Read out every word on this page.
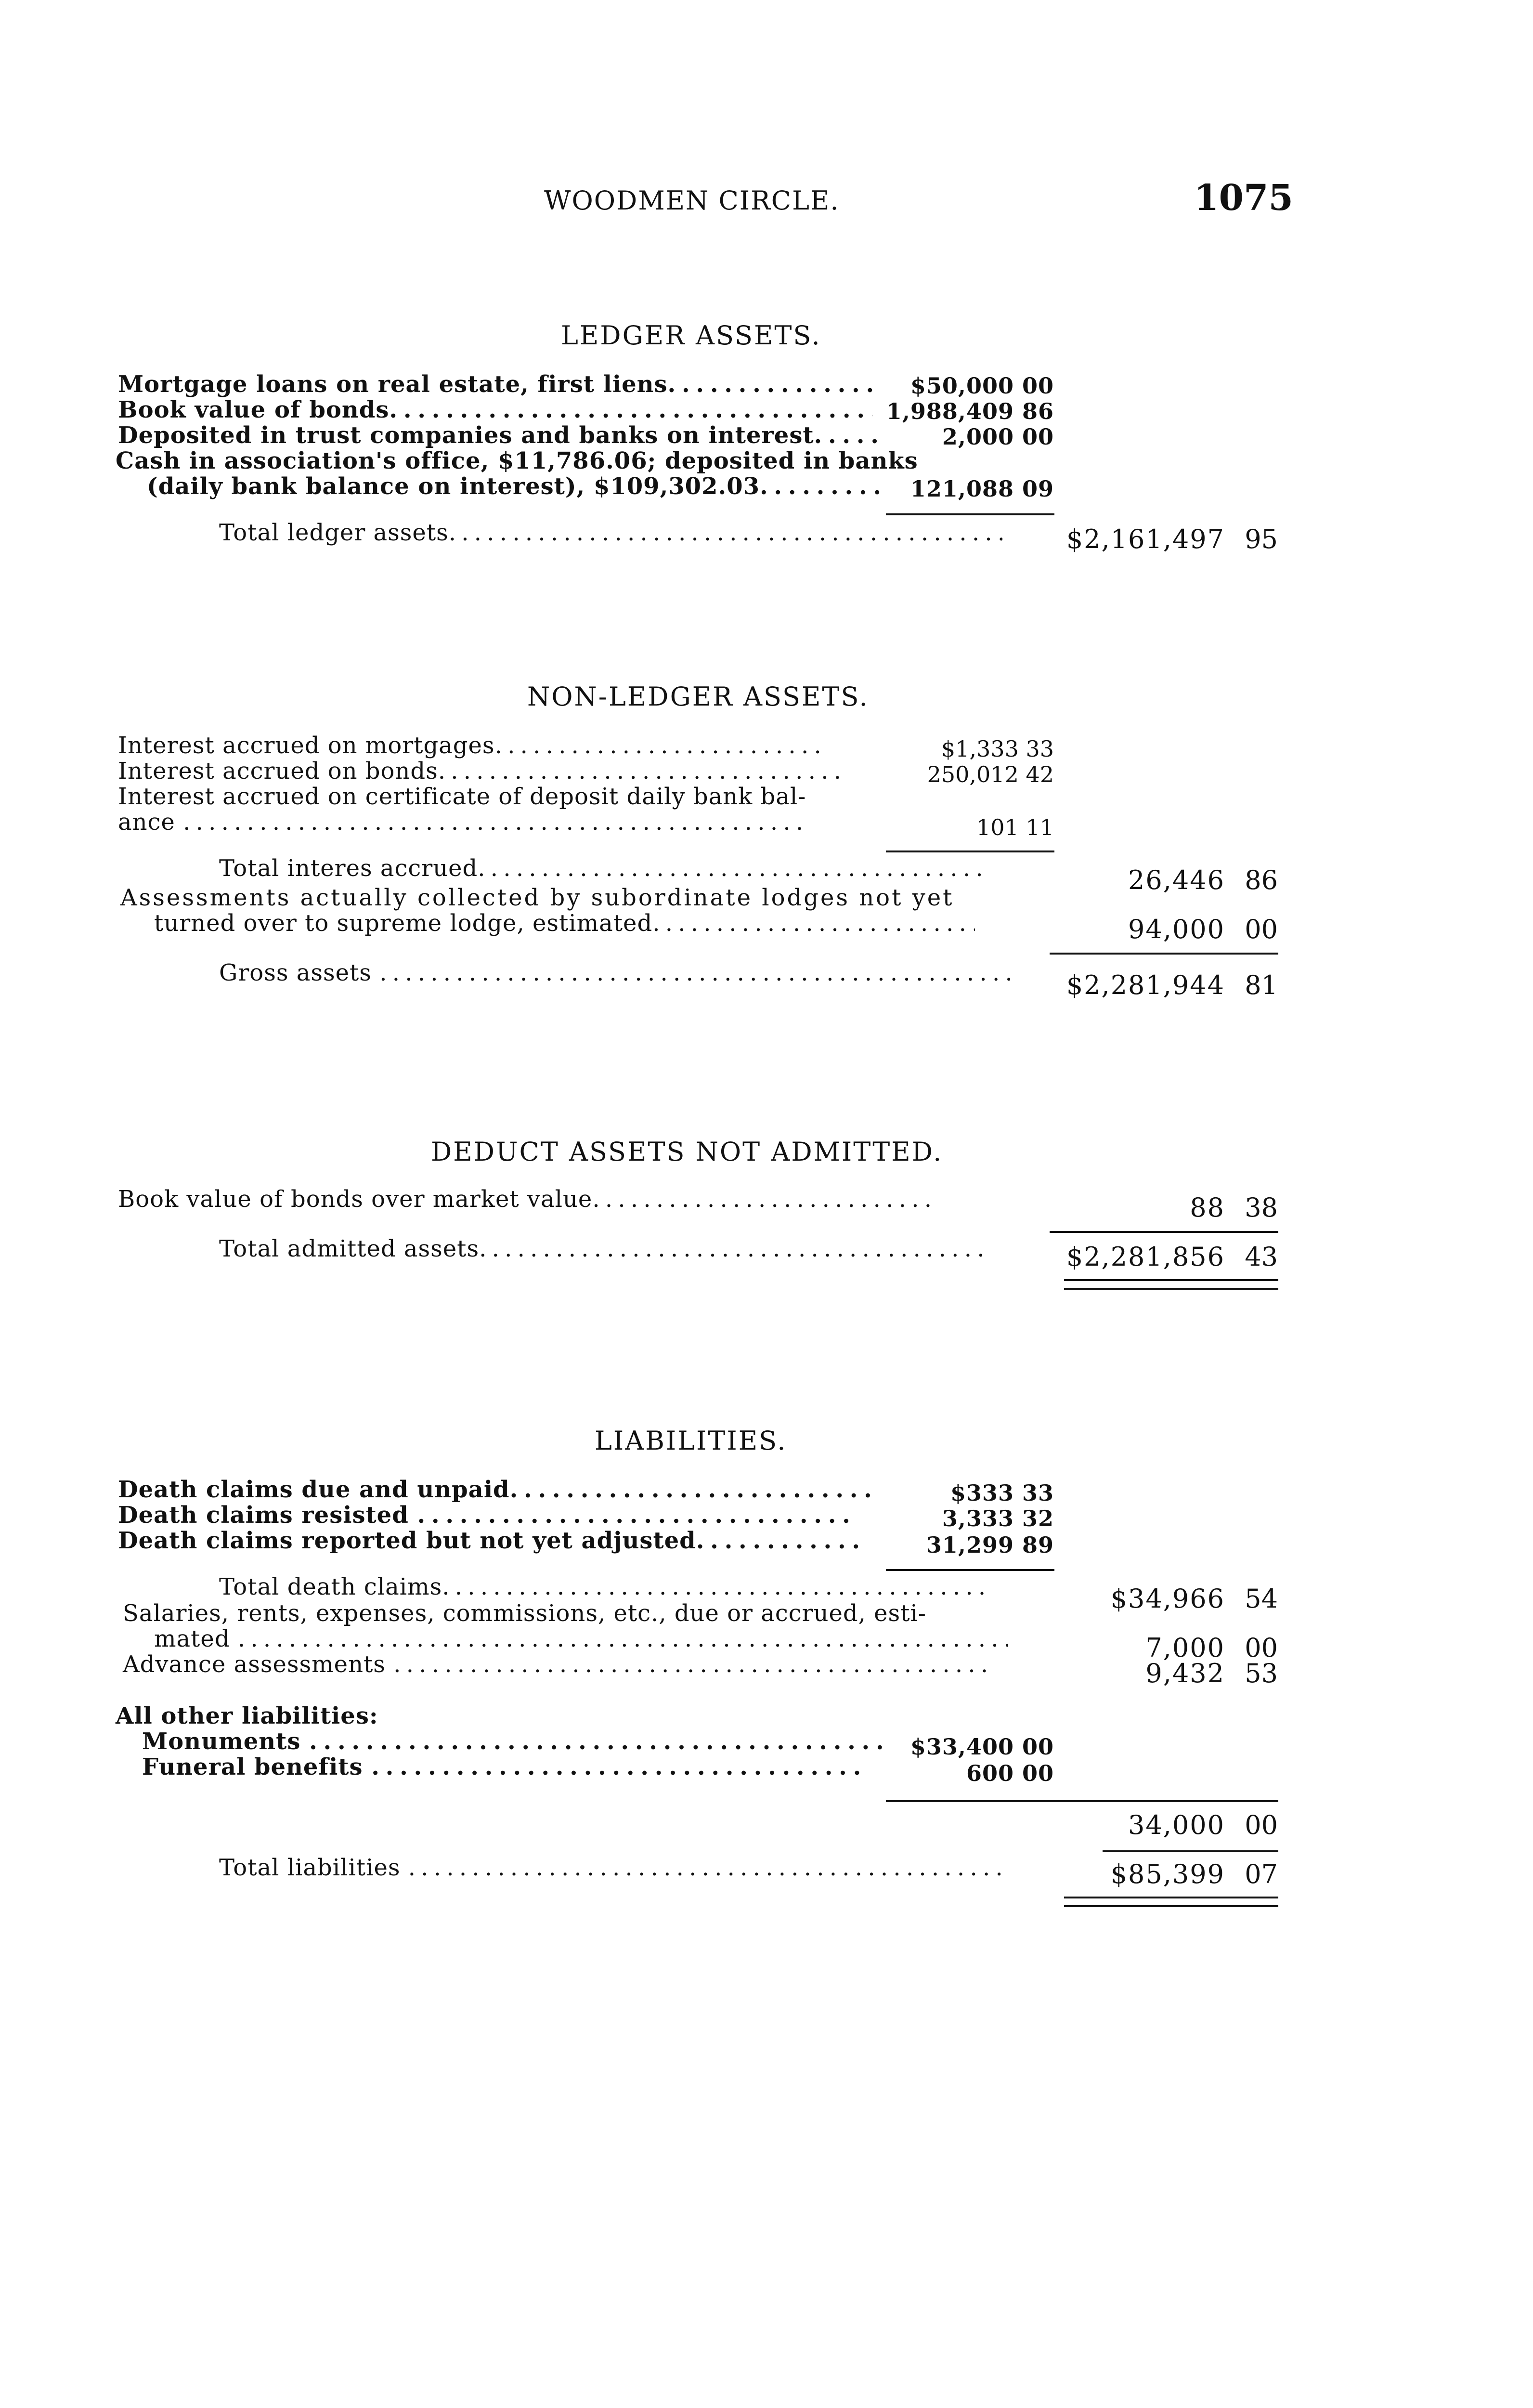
WOODMEN CIRCLE.	1075
LEDGER ASSETS.
Mortgage loans on real estate, first liens . . .	$50,000 00
Book value of bonds . . .	1,988,409 86
Deposited in trust companies and banks on interest . . .	2,000 00
Cash in association's office, $11,786.06; deposited in banks
(daily bank balance on interest), $109,302.03 . . .	121,088 09
Total ledger assets . . .	$2,161,497 95
NON-LEDGER ASSETS.
Interest accrued on mortgages . . .	$1,333 33
Interest accrued on bonds . . .	250,012 42
Interest accrued on certificate of deposit daily bank bal-
ance . . .	101 11
Total interes accrued . . .	26,446 86
Assessments actually collected by subordinate lodges not yet
turned over to supreme lodge, estimated . . .	94,000 00
Gross assets . . .	$2,281,944 81
DEDUCT ASSETS NOT ADMITTED.
Book value of bonds over market value . . .	88 38
Total admitted assets . . .	$2,281,856 43
LIABILITIES.
Death claims due and unpaid . . .	$333 33
Death claims resisted . . .	3,333 32
Death claims reported but not yet adjusted . . .	31,299 89
Total death claims . . .	$34,966 54
Salaries, rents, expenses, commissions, etc., due or accrued, esti-
mated . . .	7,000 00
Advance assessments . . .	9,432 53
All other liabilities:
Monuments . . .	$33,400 00
Funeral benefits . . .	600 00
34,000 00
Total liabilities . . .	$85,399 07
